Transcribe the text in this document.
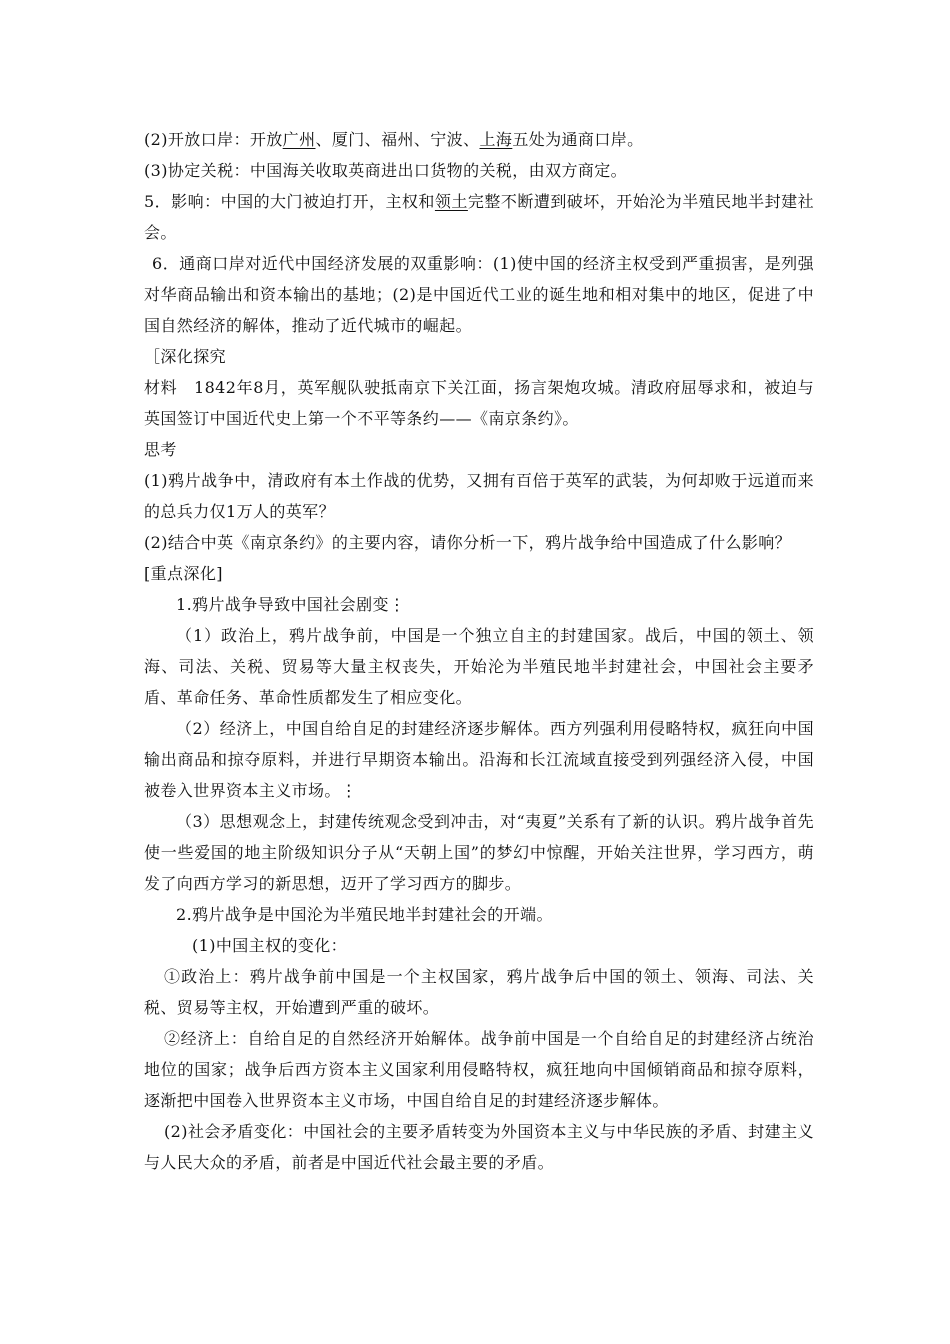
(2)开放口岸：开放广州、厦门、福州、宁波、上海五处为通商口岸。

(3)协定关税：中国海关收取英商进出口货物的关税，由双方商定。

5．影响：中国的大门被迫打开，主权和领土完整不断遭到破坏，开始沦为半殖民地半封建社会。

6．通商口岸对近代中国经济发展的双重影响：(1)使中国的经济主权受到严重损害，是列强对华商品输出和资本输出的基地；(2)是中国近代工业的诞生地和相对集中的地区，促进了中国自然经济的解体，推动了近代城市的崛起。

［深化探究

材料　1842年8月，英军舰队驶抵南京下关江面，扬言架炮攻城。清政府屈辱求和，被迫与英国签订中国近代史上第一个不平等条约——《南京条约》。

思考

(1)鸦片战争中，清政府有本土作战的优势，又拥有百倍于英军的武装，为何却败于远道而来的总兵力仅1万人的英军？

(2)结合中英《南京条约》的主要内容，请你分析一下，鸦片战争给中国造成了什么影响？

[重点深化]

1.鸦片战争导致中国社会剧变⋮

（1）政治上，鸦片战争前，中国是一个独立自主的封建国家。战后，中国的领土、领海、司法、关税、贸易等大量主权丧失，开始沦为半殖民地半封建社会，中国社会主要矛盾、革命任务、革命性质都发生了相应变化。

（2）经济上，中国自给自足的封建经济逐步解体。西方列强利用侵略特权，疯狂向中国输出商品和掠夺原料，并进行早期资本输出。沿海和长江流域直接受到列强经济入侵，中国被卷入世界资本主义市场。⋮

（3）思想观念上，封建传统观念受到冲击，对“夷夏”关系有了新的认识。鸦片战争首先使一些爱国的地主阶级知识分子从“天朝上国”的梦幻中惊醒，开始关注世界，学习西方，萌发了向西方学习的新思想，迈开了学习西方的脚步。

2.鸦片战争是中国沦为半殖民地半封建社会的开端。

(1)中国主权的变化：

①政治上：鸦片战争前中国是一个主权国家，鸦片战争后中国的领土、领海、司法、关税、贸易等主权，开始遭到严重的破坏。

②经济上：自给自足的自然经济开始解体。战争前中国是一个自给自足的封建经济占统治地位的国家；战争后西方资本主义国家利用侵略特权，疯狂地向中国倾销商品和掠夺原料，逐渐把中国卷入世界资本主义市场，中国自给自足的封建经济逐步解体。

(2)社会矛盾变化：中国社会的主要矛盾转变为外国资本主义与中华民族的矛盾、封建主义与人民大众的矛盾，前者是中国近代社会最主要的矛盾。
